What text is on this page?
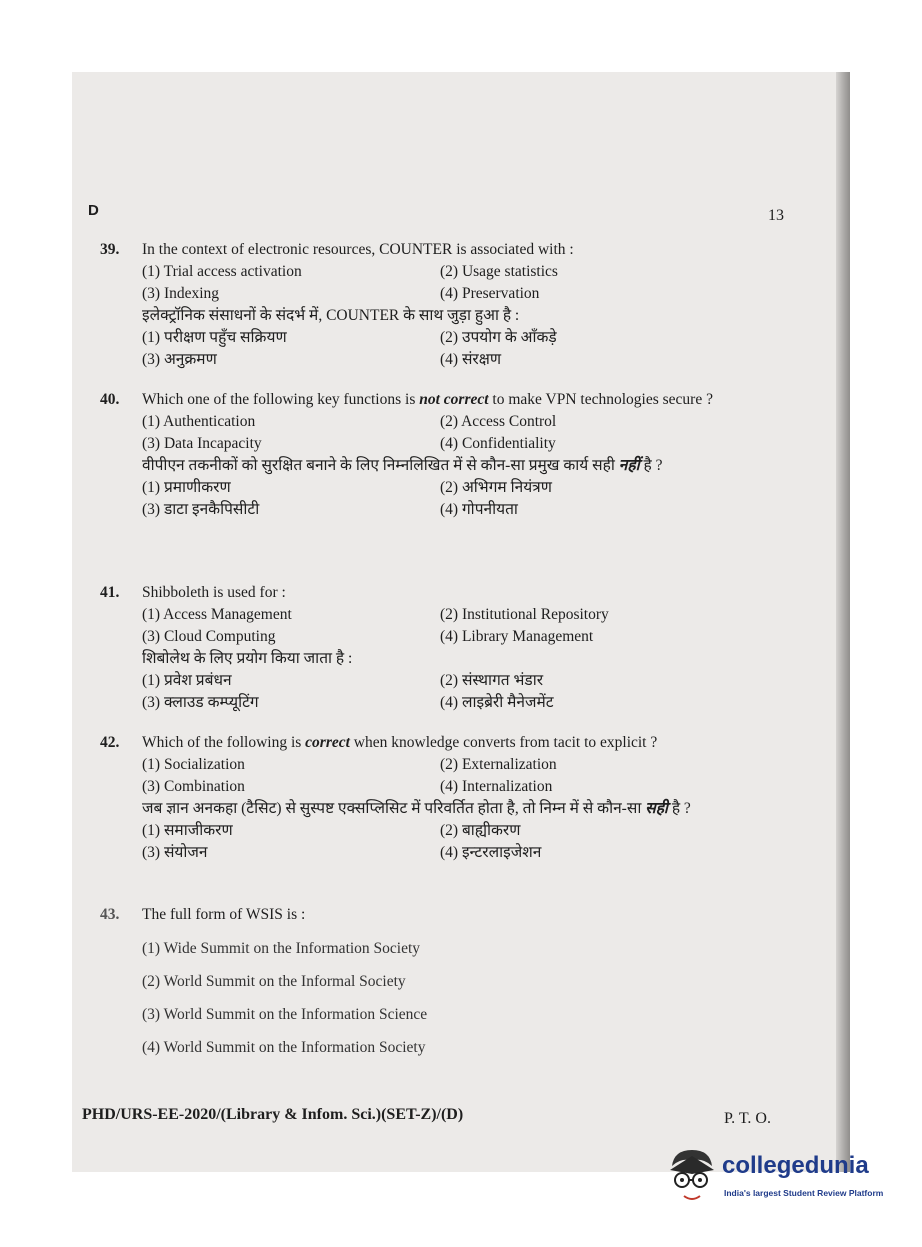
D	13
39.	In the context of electronic resources, COUNTER is associated with :
(1) Trial access activation	(2) Usage statistics
(3) Indexing	(4) Preservation
इलेक्ट्रॉनिक संसाधनों के संदर्भ में, COUNTER के साथ जुड़ा हुआ है :
(1) परीक्षण पहुँच सक्रियण	(2) उपयोग के आँकड़े
(3) अनुक्रमण	(4) संरक्षण
40.	Which one of the following key functions is not correct to make VPN technologies secure ?
(1) Authentication	(2) Access Control
(3) Data Incapacity	(4) Confidentiality
वीपीएन तकनीकों को सुरक्षित बनाने के लिए निम्नलिखित में से कौन-सा प्रमुख कार्य सही नहीं है ?
(1) प्रमाणीकरण	(2) अभिगम नियंत्रण
(3) डाटा इनकैपिसीटी	(4) गोपनीयता
41.	Shibboleth is used for :
(1) Access Management	(2) Institutional Repository
(3) Cloud Computing	(4) Library Management
शिबोलेथ के लिए प्रयोग किया जाता है :
(1) प्रवेश प्रबंधन	(2) संस्थागत भंडार
(3) क्लाउड कम्प्यूटिंग	(4) लाइब्रेरी मैनेजमेंट
42.	Which of the following is correct when knowledge converts from tacit to explicit ?
(1) Socialization	(2) Externalization
(3) Combination	(4) Internalization
जब ज्ञान अनकहा (टैसिट) से सुस्पष्ट एक्सप्लिसिट में परिवर्तित होता है, तो निम्न में से कौन-सा सही है ?
(1) समाजीकरण	(2) बाह्यीकरण
(3) संयोजन	(4) इन्टरलाइजेशन
43.	The full form of WSIS is :
(1) Wide Summit on the Information Society
(2) World Summit on the Informal Society
(3) World Summit on the Information Science
(4) World Summit on the Information Society
PHD/URS-EE-2020/(Library & Infom. Sci.)(SET-Z)/(D)	P. T. O.
collegedunia
India's largest Student Review Platform
